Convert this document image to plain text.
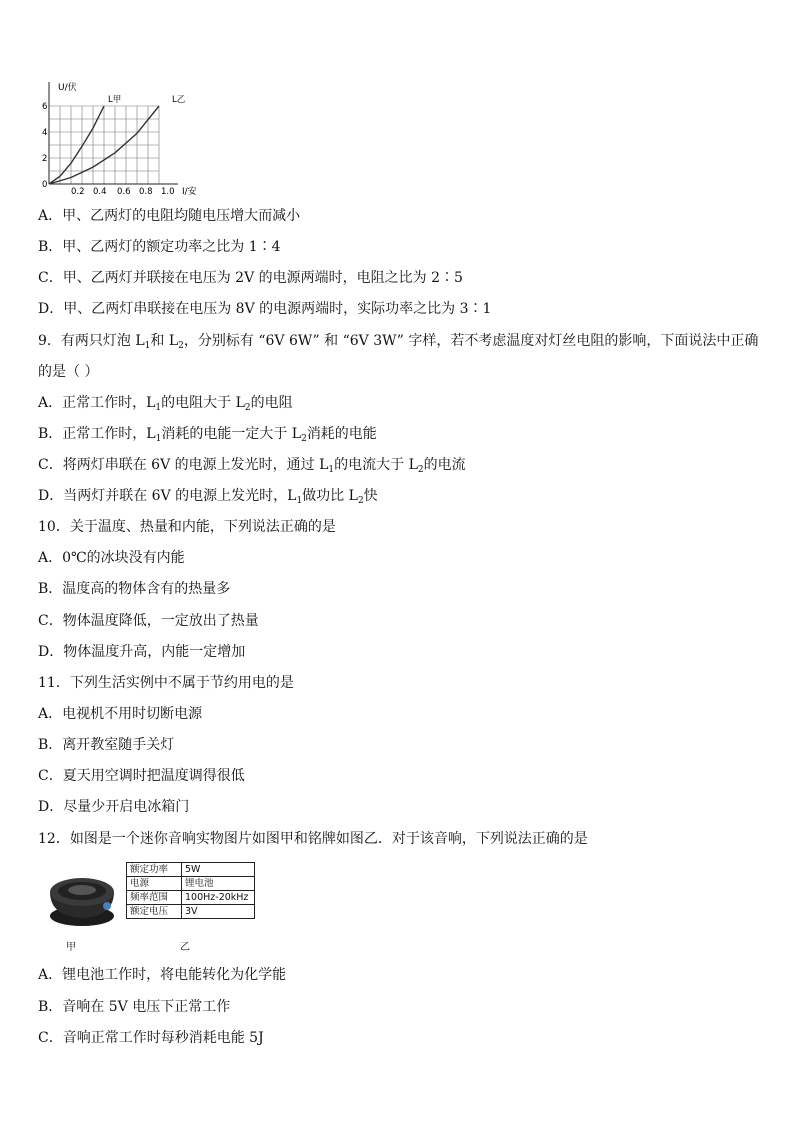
U/伏
I/安
0
2
4
6
0.2 0.4 0.6 0.8 1.0
L甲	L乙
A．甲、乙两灯的电阻均随电压增大而减小
B．甲、乙两灯的额定功率之比为 1∶4
C．甲、乙两灯并联接在电压为 2V 的电源两端时，电阻之比为 2∶5
D．甲、乙两灯串联接在电压为 8V 的电源两端时，实际功率之比为 3∶1
9．有两只灯泡 $L_1$和 $L_2$，分别标有 “6V 6W” 和 “6V 3W” 字样，若不考虑温度对灯丝电阻的影响，下面说法中正确
的是（ ）
A．正常工作时，$L_1$的电阻大于 $L_2$的电阻
B．正常工作时，$L_1$消耗的电能一定大于 $L_2$消耗的电能
C．将两灯串联在 6V 的电源上发光时，通过 $L_1$的电流大于 $L_2$的电流
D．当两灯并联在 6V 的电源上发光时，$L_1$做功比 $L_2$快
10．关于温度、热量和内能，下列说法正确的是
A．0℃的冰块没有内能
B．温度高的物体含有的热量多
C．物体温度降低，一定放出了热量
D．物体温度升高，内能一定增加
11．下列生活实例中不属于节约用电的是
A．电视机不用时切断电源
B．离开教室随手关灯
C．夏天用空调时把温度调得很低
D．尽量少开启电冰箱门
12．如图是一个迷你音响实物图片如图甲和铭牌如图乙．对于该音响，下列说法正确的是
甲
额定功率	5W
电源	锂电池
频率范围	100Hz-20kHz
额定电压	3V
乙
A．锂电池工作时，将电能转化为化学能
B．音响在 5V 电压下正常工作
C．音响正常工作时每秒消耗电能 5J
